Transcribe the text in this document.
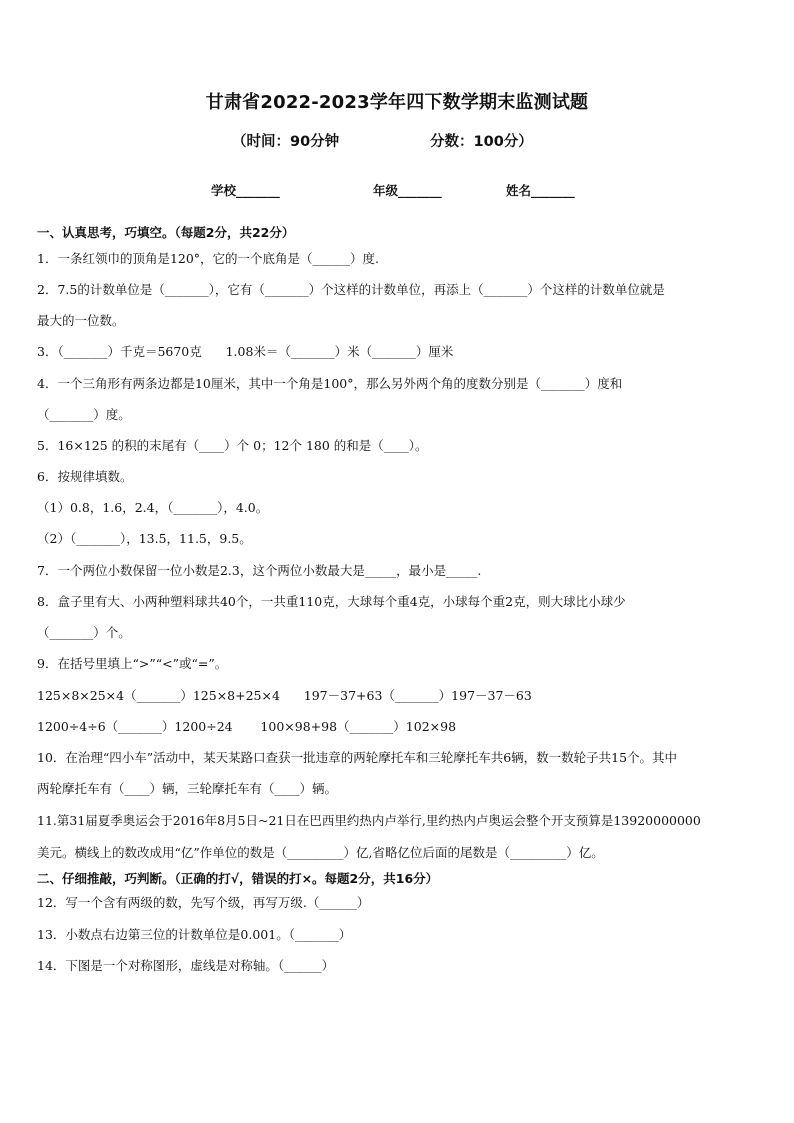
甘肃省2022-2023学年四下数学期末监测试题
（时间：90分钟                  分数：100分）
学校_______	年级_______	姓名_______
一、认真思考，巧填空。（每题2分，共22分）
1．一条红领巾的顶角是120°，它的一个底角是（______）度.
2．7.5的计数单位是（_______），它有（_______）个这样的计数单位，再添上（_______）个这样的计数单位就是
最大的一位数。
3．（_______）千克＝5670克      1.08米＝（_______）米（_______）厘米
4．一个三角形有两条边都是10厘米，其中一个角是100°，那么另外两个角的度数分别是（_______）度和
（_______）度。
5．16×125 的积的末尾有（____）个 0；12个 180 的和是（____）。
6．按规律填数。
（1）0.8，1.6，2.4，（_______），4.0。
（2）（_______），13.5，11.5，9.5。
7．一个两位小数保留一位小数是2.3，这个两位小数最大是_____，最小是_____.
8．盒子里有大、小两种塑料球共40个，一共重110克，大球每个重4克，小球每个重2克，则大球比小球少
（_______）个。
9．在括号里填上“>”“<”或“=”。
125×8×25×4（_______）125×8+25×4      197－37+63（_______）197－37－63
1200÷4÷6（_______）1200÷24       100×98+98（_______）102×98
10．在治理“四小车”活动中，某天某路口查获一批违章的两轮摩托车和三轮摩托车共6辆，数一数轮子共15个。其中
两轮摩托车有（____）辆，三轮摩托车有（____）辆。
11.第31届夏季奥运会于2016年8月5日~21日在巴西里约热内卢举行,里约热内卢奥运会整个开支预算是13920000000
美元。横线上的数改成用“亿”作单位的数是（_________）亿,省略亿位后面的尾数是（_________）亿。
二、仔细推敲，巧判断。（正确的打√，错误的打×。每题2分，共16分）
12．写一个含有两级的数，先写个级，再写万级.（______）
13．小数点右边第三位的计数单位是0.001。（_______）
14．下图是一个对称图形，虚线是对称轴。（______）
